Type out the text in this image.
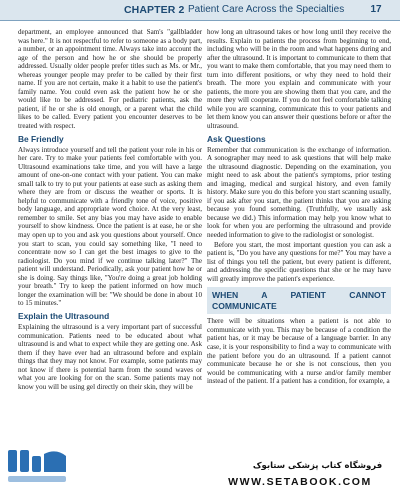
CHAPTER 2 Patient Care Across the Specialties	17

department, an employee announced that Sam's "gallbladder was here." It is not respectful to refer to someone as a body part, a number, or an appointment time. Always take into account the age of the person and how he or she should be properly addressed. Usually older people prefer titles such as Ms. or Mr., whereas younger people may prefer to be called by their first name. If you are not certain, make it a habit to use the patient's family name. You could even ask the patient how he or she would like to be addressed. For pediatric patients, ask the patient, if he or she is old enough, or a parent what the child likes to be called. Every patient you encounter deserves to be treated with respect.

Be Friendly

Always introduce yourself and tell the patient your role in his or her care. Try to make your patients feel comfortable with you. Ultrasound examinations take time, and you will have a large amount of one-on-one contact with your patient. You can make small talk to try to put your patients at ease such as asking them where they are from or discuss the weather or sports. It is helpful to communicate with a friendly tone of voice, positive body language, and appropriate word choice. At the very least, remember to smile. Set any bias you may have aside to enable yourself to show kindness. Once the patient is at ease, he or she may open up to you and ask you questions about yourself. Once you start to scan, you could say something like, "I need to concentrate now so I can get the best images to give to the radiologist. Do you mind if we continue talking later?" The patient will understand. Periodically, ask your patient how he or she is doing. Say things like, "You're doing a great job holding your breath." Try to keep the patient informed on how much longer the examination will be: "We should be done in about 10 to 15 minutes."

Explain the Ultrasound

Explaining the ultrasound is a very important part of successful communication. Patients need to be educated about what ultrasound is and what to expect while they are getting one. Ask them if they have ever had an ultrasound before and explain things that they may not know. For example, some patients may not know if there is potential harm from the sound waves or what you are looking for on the scan. Some patients may not know you will be using gel directly on their skin, they will be

how long an ultrasound takes or how long until they receive the results. Explain to patients the process from beginning to end, including who will be in the room and what happens during and after the ultrasound. It is important to communicate to them that you want to make them comfortable, that you may need them to turn into different positions, or why they need to hold their breath. The more you explain and communicate with your patients, the more you are showing them that you care, and the more they will cooperate. If you do not feel comfortable talking while you are scanning, communicate this to your patients and let them know you can answer their questions before or after the ultrasound.

Ask Questions

Remember that communication is the exchange of information. A sonographer may need to ask questions that will help make the ultrasound diagnostic. Depending on the examination, you might need to ask about the patient's symptoms, prior testing and imaging, medical and surgical history, and even family history. Make sure you do this before you start scanning usually, if you ask after you start, the patient thinks that you are asking because you found something. (Truthfully, we usually ask because we did.) This information may help you know what to look for when you are performing the ultrasound and provide needed information to give to the radiologist or sonologist.

Before you start, the most important question you can ask a patient is, "Do you have any questions for me?" You may have a list of things you tell the patient, but every patient is different, and addressing the specific questions that she or he may have will greatly improve the patient's experience.

WHEN A PATIENT CANNOT COMMUNICATE

There will be situations when a patient is not able to communicate with you. This may be because of a condition the patient has, or it may be because of a language barrier. In any case, it is your responsibility to find a way to communicate with the patient before you do an ultrasound. If a patient cannot communicate because he or she is not conscious, then you would be communicating with a nurse and/or family member instead of the patient. If a patient has a condition, for example, a

فروشگاه کتاب پزشکی ستابوک
WWW.SETABOOK.COM
